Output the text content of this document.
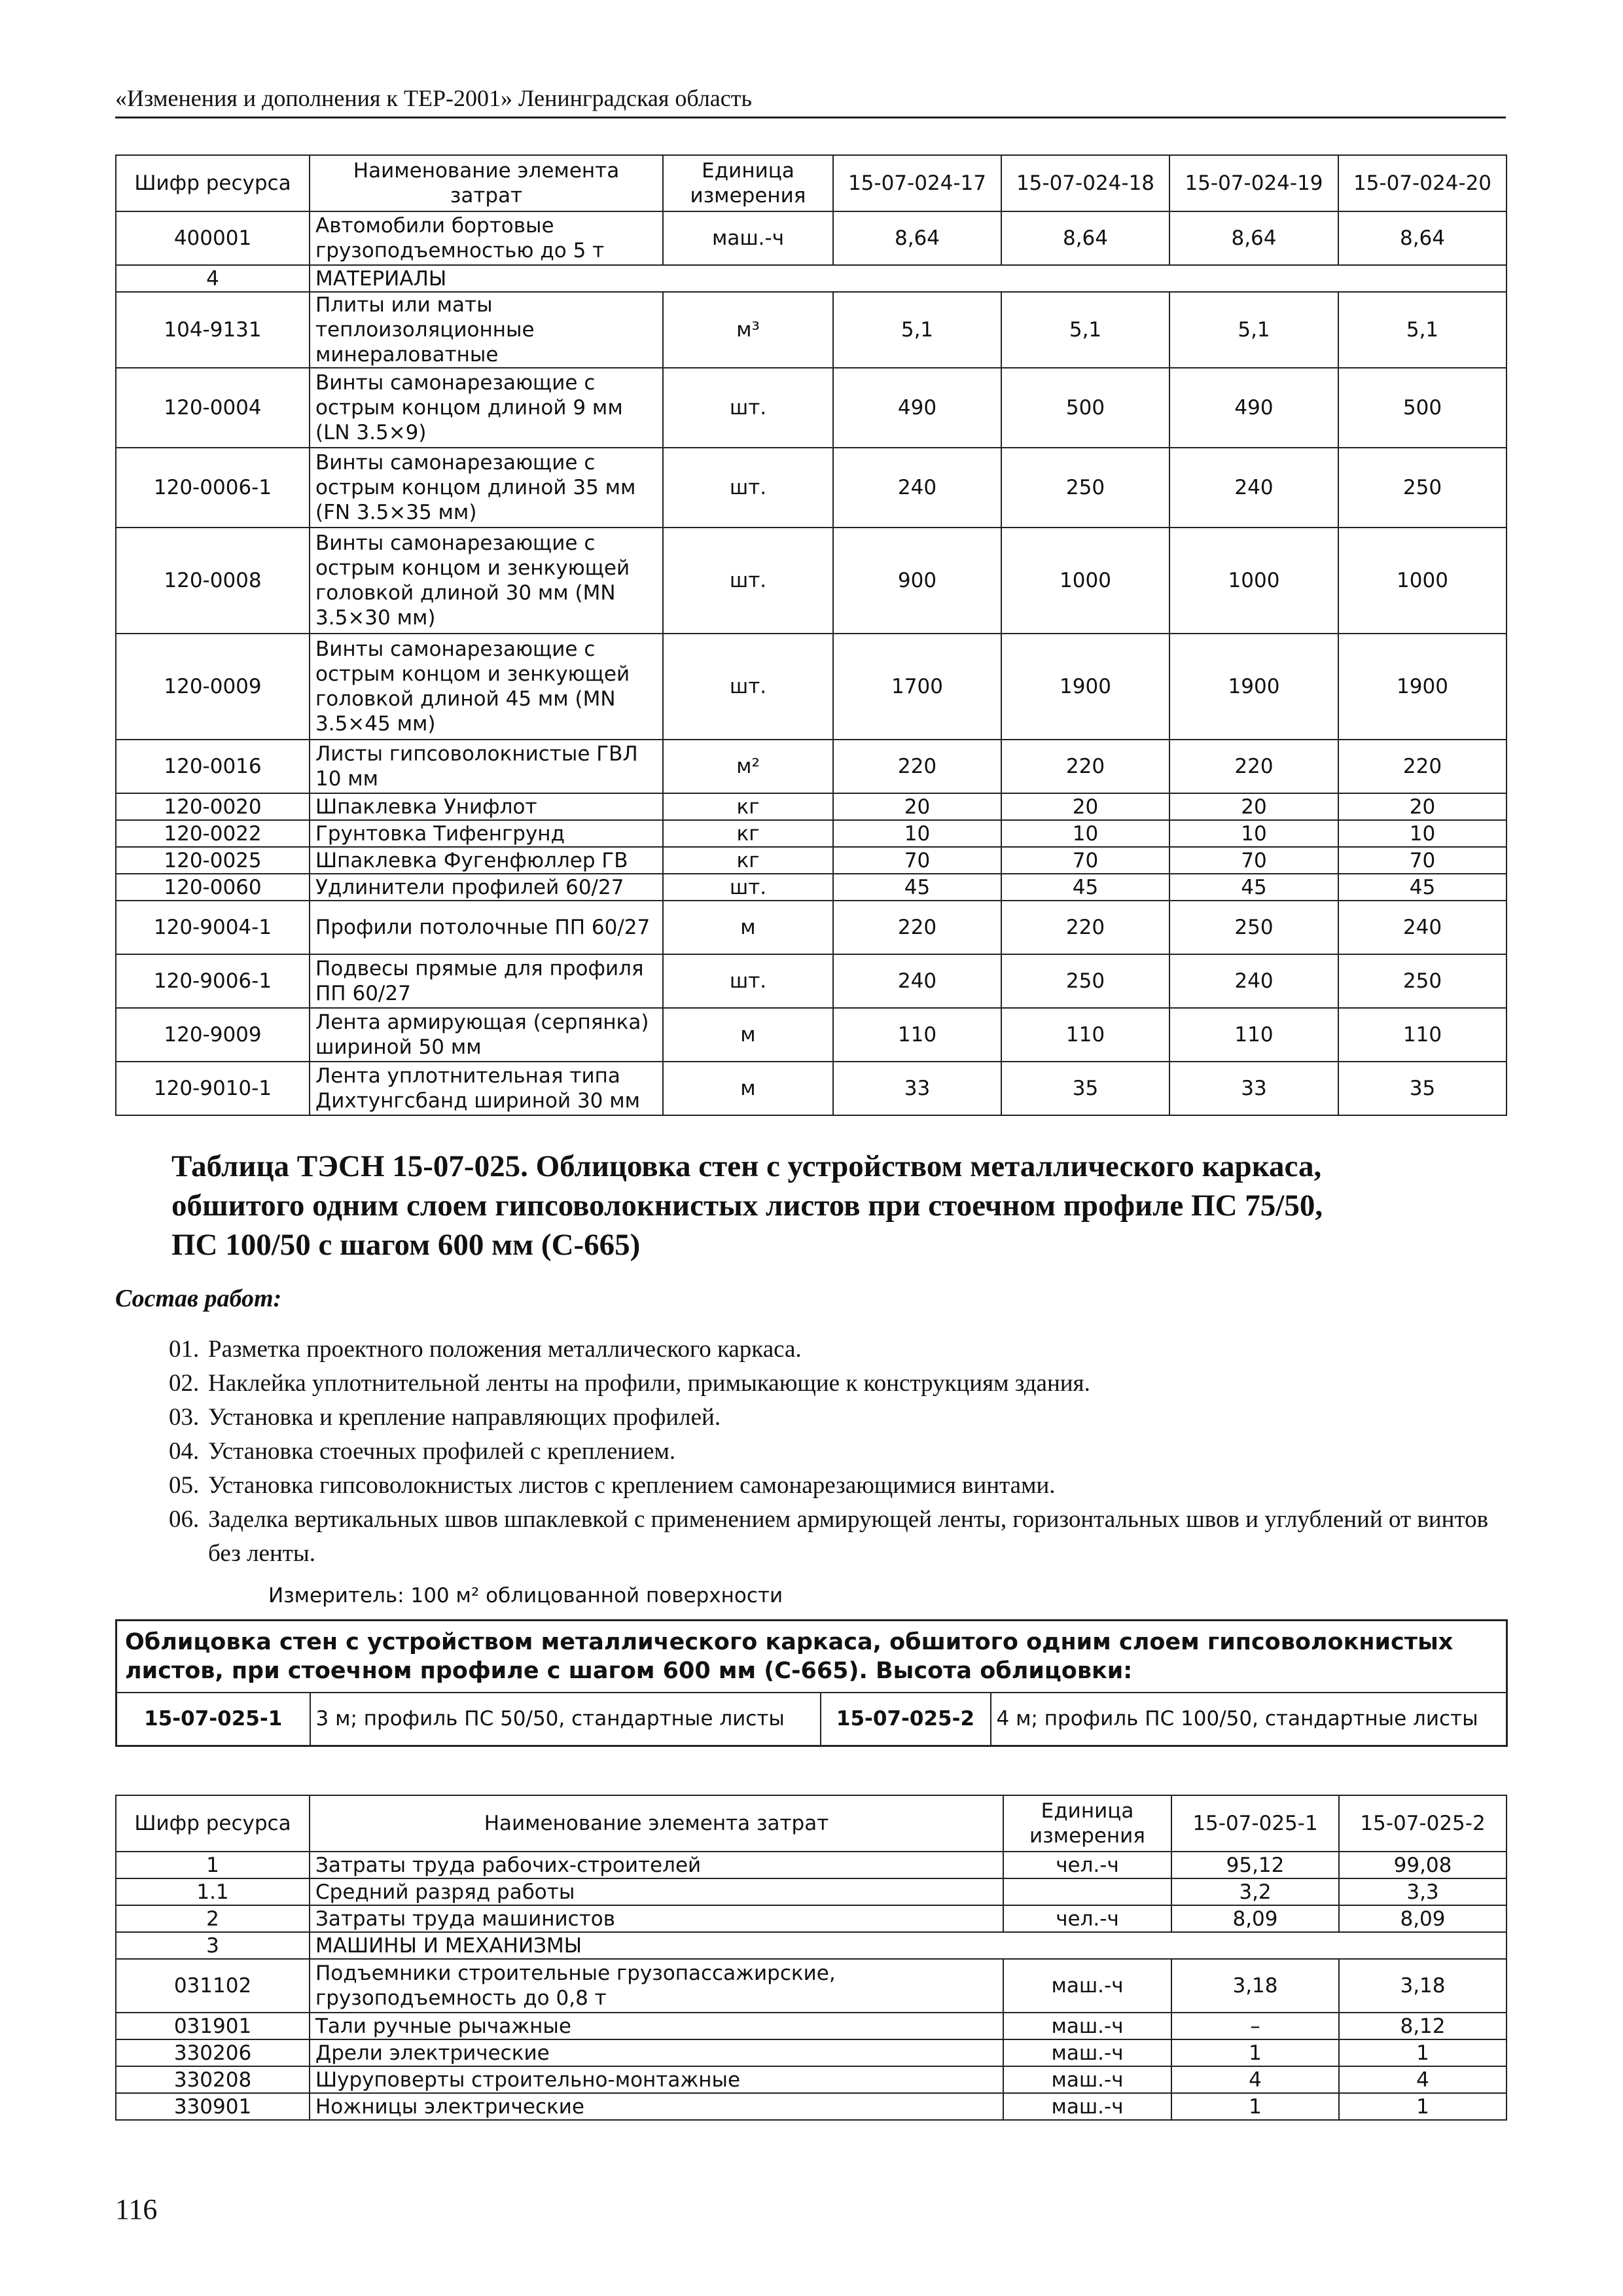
«Изменения и дополнения к ТЕР-2001» Ленинградская область
Шифр ресурса	Наименование элемента затрат	Единица измерения	15-07-024-17	15-07-024-18	15-07-024-19	15-07-024-20
400001	Автомобили бортовые грузоподъемностью до 5 т	маш.-ч	8,64	8,64	8,64	8,64
4	МАТЕРИАЛЫ					
104-9131	Плиты или маты теплоизоляционные минераловатные	м³	5,1	5,1	5,1	5,1
120-0004	Винты самонарезающие с острым концом длиной 9 мм (LN 3.5×9)	шт.	490	500	490	500
120-0006-1	Винты самонарезающие с острым концом длиной 35 мм (FN 3.5×35 мм)	шт.	240	250	240	250
120-0008	Винты самонарезающие с острым концом и зенкующей головкой длиной 30 мм (MN 3.5×30 мм)	шт.	900	1000	1000	1000
120-0009	Винты самонарезающие с острым концом и зенкующей головкой длиной 45 мм (MN 3.5×45 мм)	шт.	1700	1900	1900	1900
120-0016	Листы гипсоволокнистые ГВЛ 10 мм	м²	220	220	220	220
120-0020	Шпаклевка Унифлот	кг	20	20	20	20
120-0022	Грунтовка Тифенгрунд	кг	10	10	10	10
120-0025	Шпаклевка Фугенфюллер ГВ	кг	70	70	70	70
120-0060	Удлинители профилей 60/27	шт.	45	45	45	45
120-9004-1	Профили потолочные ПП 60/27	м	220	220	250	240
120-9006-1	Подвесы прямые для профиля ПП 60/27	шт.	240	250	240	250
120-9009	Лента армирующая (серпянка) шириной 50 мм	м	110	110	110	110
120-9010-1	Лента уплотнительная типа Дихтунгсбанд шириной 30 мм	м	33	35	33	35
Таблица ТЭСН 15-07-025. Облицовка стен с устройством металлического каркаса,
обшитого одним слоем гипсоволокнистых листов при стоечном профиле ПС 75/50,
ПС 100/50 с шагом 600 мм (С-665)
Состав работ:
01. Разметка проектного положения металлического каркаса.
02. Наклейка уплотнительной ленты на профили, примыкающие к конструкциям здания.
03. Установка и крепление направляющих профилей.
04. Установка стоечных профилей с креплением.
05. Установка гипсоволокнистых листов с креплением самонарезающимися винтами.
06. Заделка вертикальных швов шпаклевкой с применением армирующей ленты, горизонтальных швов и углублений от винтов без ленты.
Измеритель: 100 м² облицованной поверхности
Облицовка стен с устройством металлического каркаса, обшитого одним слоем гипсоволокнистых листов, при стоечном профиле с шагом 600 мм (С-665). Высота облицовки:
15-07-025-1	3 м; профиль ПС 50/50, стандартные листы	15-07-025-2	4 м; профиль ПС 100/50, стандартные листы
Шифр ресурса	Наименование элемента затрат	Единица измерения	15-07-025-1	15-07-025-2
1	Затраты труда рабочих-строителей	чел.-ч	95,12	99,08
1.1	Средний разряд работы		3,2	3,3
2	Затраты труда машинистов	чел.-ч	8,09	8,09
3	МАШИНЫ И МЕХАНИЗМЫ			
031102	Подъемники строительные грузопассажирские, грузоподъемность до 0,8 т	маш.-ч	3,18	3,18
031901	Тали ручные рычажные	маш.-ч	–	8,12
330206	Дрели электрические	маш.-ч	1	1
330208	Шуруповерты строительно-монтажные	маш.-ч	4	4
330901	Ножницы электрические	маш.-ч	1	1
116
